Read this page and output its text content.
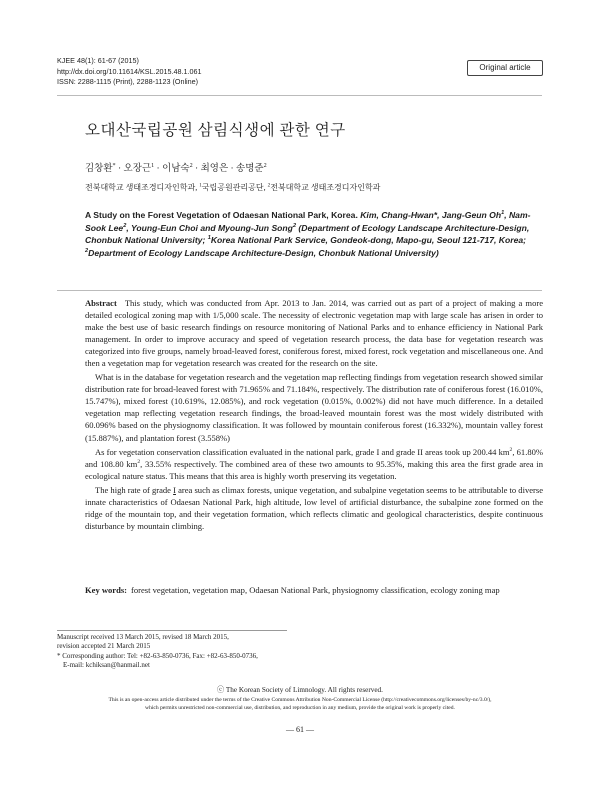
KJEE 48(1): 61-67 (2015)
http://dx.doi.org/10.11614/KSL.2015.48.1.061
ISSN: 2288-1115 (Print), 2288-1123 (Online)
Original article
오대산국립공원 삼림식생에 관한 연구
김창환* · 오장근$^1$ · 이남숙$^2$ · 최영은 · 송명준$^2$
전북대학교 생태조경디자인학과, $^1$국립공원관리공단, $^2$전북대학교 생태조경디자인학과
A Study on the Forest Vegetation of Odaesan National Park, Korea. Kim, Chang-Hwan*, Jang-Geun Oh$^1$, Nam-Sook Lee$^2$, Young-Eun Choi and Myoung-Jun Song$^2$ (Department of Ecology Landscape Architecture-Design, Chonbuk National University; $^1$Korea National Park Service, Gondeok-dong, Mapo-gu, Seoul 121-717, Korea; $^2$Department of Ecology Landscape Architecture-Design, Chonbuk National University)

Abstract This study, which was conducted from Apr. 2013 to Jan. 2014, was carried out as part of a project of making a more detailed ecological zoning map with 1/5,000 scale. The necessity of electronic vegetation map with large scale has arisen in order to make the best use of basic research findings on resource monitoring of National Parks and to enhance efficiency in National Park management. In order to improve accuracy and speed of vegetation research process, the data base for vegetation research was categorized into five groups, namely broad-leaved forest, coniferous forest, mixed forest, rock vegetation and miscellaneous one. And then a vegetation map for vegetation research was created for the research on the site.

What is in the database for vegetation research and the vegetation map reflecting findings from vegetation research showed similar distribution rate for broad-leaved forest with 71.965% and 71.184%, respectively. The distribution rate of coniferous forest (16.010%, 15.747%), mixed forest (10.619%, 12.085%), and rock vegetation (0.015%, 0.002%) did not have much difference. In a detailed vegetation map reflecting vegetation research findings, the broad-leaved mountain forest was the most widely distributed with 60.096% based on the physiognomy classification. It was followed by mountain coniferous forest (16.332%), mountain valley forest (15.887%), and plantation forest (3.558%)

As for vegetation conservation classification evaluated in the national park, grade I and grade II areas took up 200.44 $km^2$, 61.80% and 108.80 $km^2$, 33.55% respectively. The combined area of these two amounts to 95.35%, making this area the first grade area in ecological nature status. This means that this area is highly worth preserving its vegetation.

The high rate of grade I area such as climax forests, unique vegetation, and subalpine vegetation seems to be attributable to diverse innate characteristics of Odaesan National Park, high altitude, low level of artificial disturbance, the subalpine zone formed on the ridge of the mountain top, and their vegetation formation, which reflects climatic and geological characteristics, despite continuous disturbance by mountain climbing.

Key words: forest vegetation, vegetation map, Odaesan National Park, physiognomy classification, ecology zoning map
Manuscript received 13 March 2015, revised 18 March 2015,
revision accepted 21 March 2015
* Corresponding author: Tel: +82-63-850-0736, Fax: +82-63-850-0736,
E-mail: kchiksan@hanmail.net
ⓒ The Korean Society of Limnology. All rights reserved.
This is an open-access article distributed under the terms of the Creative Commons Attribution Non-Commercial License (http://creativecommons.org/licenses/by-nc/3.0/),
which permits unrestricted non-commercial use, distribution, and reproduction in any medium, provide the original work is properly cited.
― 61 ―
